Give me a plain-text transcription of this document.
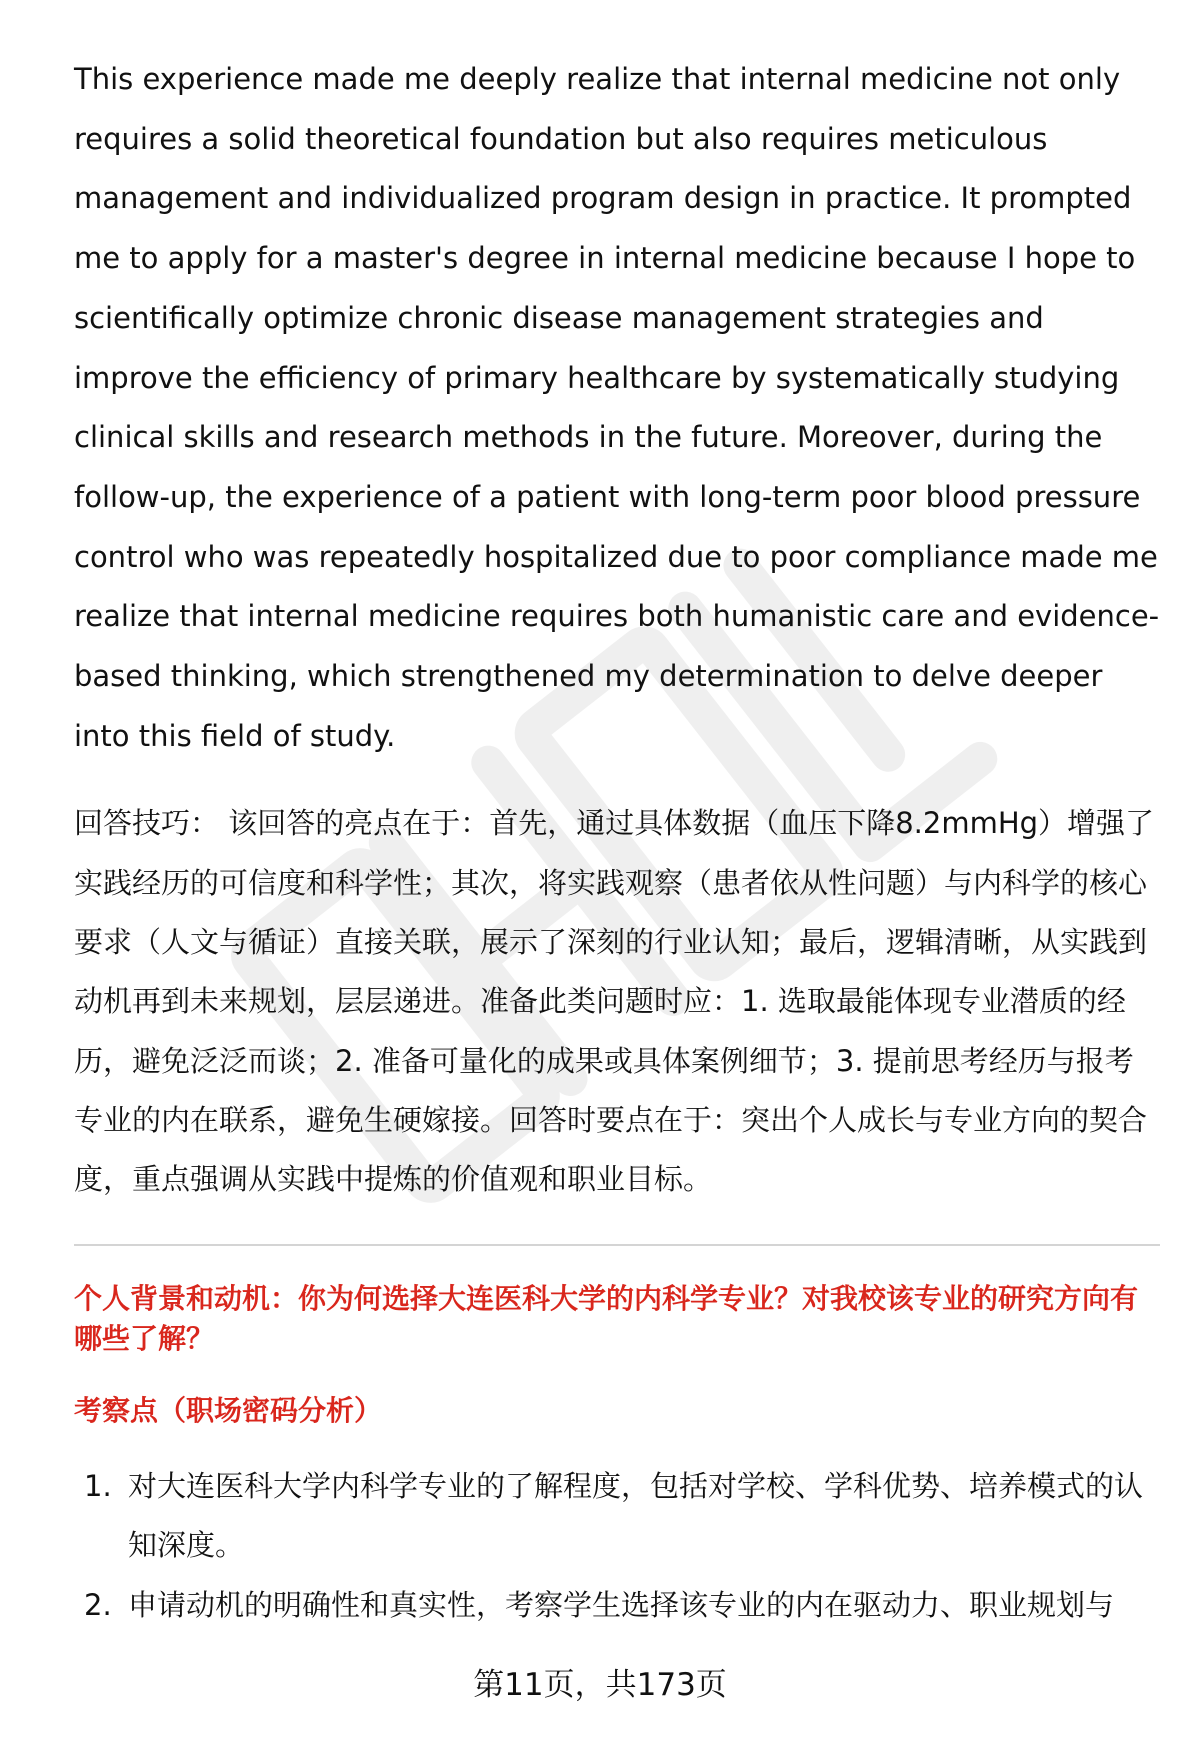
This experience made me deeply realize that internal medicine not only requires a solid theoretical foundation but also requires meticulous management and individualized program design in practice. It prompted me to apply for a master's degree in internal medicine because I hope to scientifically optimize chronic disease management strategies and improve the efficiency of primary healthcare by systematically studying clinical skills and research methods in the future. Moreover, during the follow-up, the experience of a patient with long-term poor blood pressure control who was repeatedly hospitalized due to poor compliance made me realize that internal medicine requires both humanistic care and evidence-based thinking, which strengthened my determination to delve deeper into this field of study.

回答技巧： 该回答的亮点在于：首先，通过具体数据（血压下降8.2mmHg）增强了实践经历的可信度和科学性；其次，将实践观察（患者依从性问题）与内科学的核心要求（人文与循证）直接关联，展示了深刻的行业认知；最后，逻辑清晰，从实践到动机再到未来规划，层层递进。准备此类问题时应：1. 选取最能体现专业潜质的经历，避免泛泛而谈；2. 准备可量化的成果或具体案例细节；3. 提前思考经历与报考专业的内在联系，避免生硬嫁接。回答时要点在于：突出个人成长与专业方向的契合度，重点强调从实践中提炼的价值观和职业目标。

个人背景和动机：你为何选择大连医科大学的内科学专业？对我校该专业的研究方向有哪些了解？
考察点（职场密码分析）
1. 对大连医科大学内科学专业的了解程度，包括对学校、学科优势、培养模式的认知深度。
2. 申请动机的明确性和真实性，考察学生选择该专业的内在驱动力、职业规划与
第11页，共173页
